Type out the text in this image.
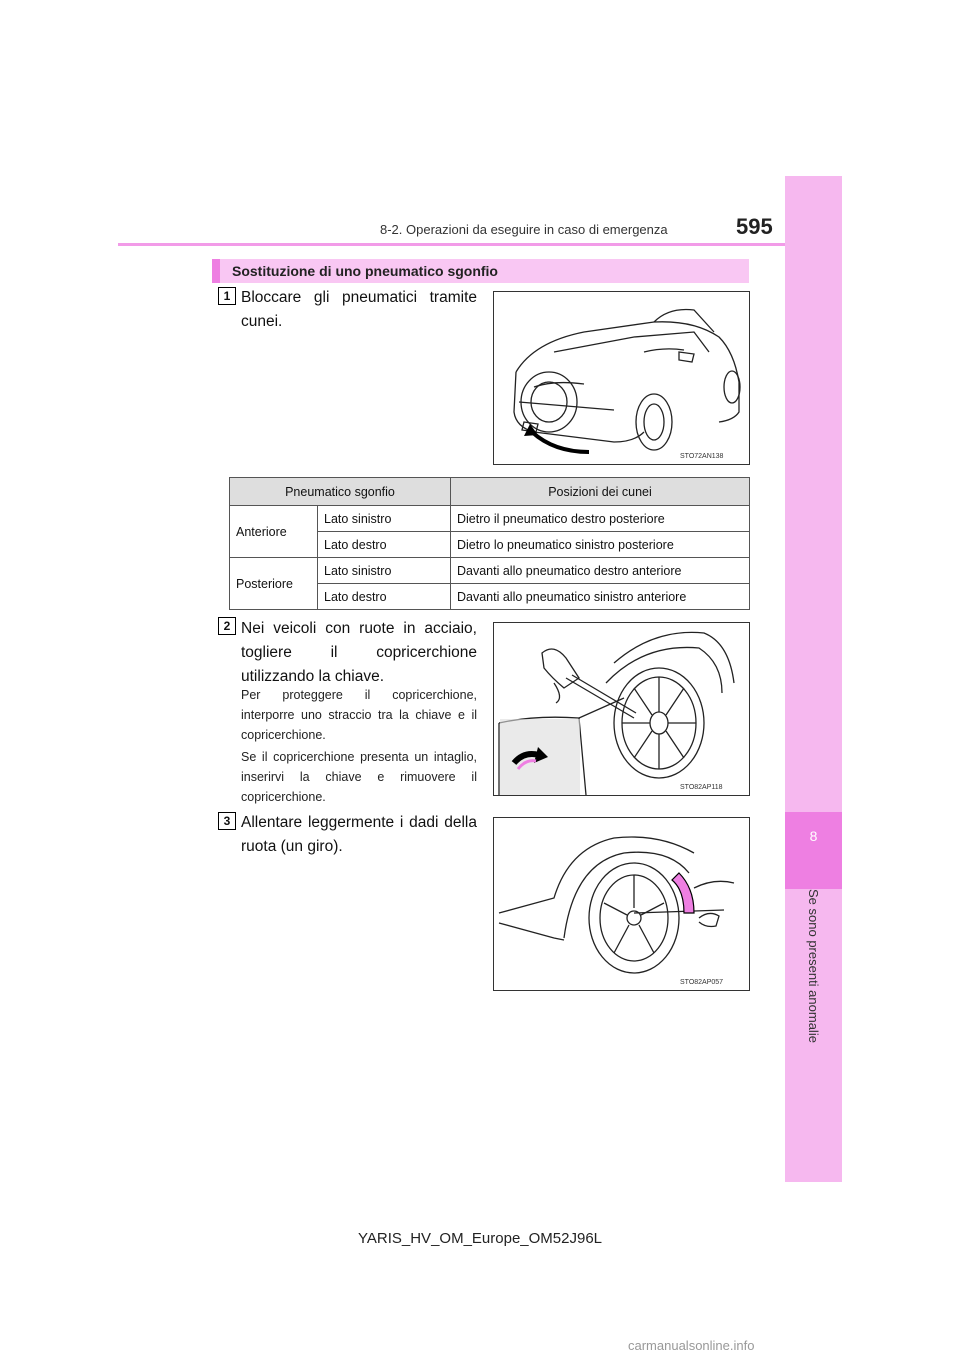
8
Se sono presenti anomalie
8-2. Operazioni da eseguire in caso di emergenza	595
Sostituzione di uno pneumatico sgonfio
1 Bloccare gli pneumatici tramite cunei.
STO72AN138
Pneumatico sgonfio		Posizioni dei cunei
Anteriore	Lato sinistro	Dietro il pneumatico destro posteriore
	Lato destro	Dietro lo pneumatico sinistro posteriore
Posteriore	Lato sinistro	Davanti allo pneumatico destro anteriore
	Lato destro	Davanti allo pneumatico sinistro anteriore
2 Nei veicoli con ruote in acciaio, togliere il copricerchione utilizzando la chiave.
Per proteggere il copricerchione, interporre uno straccio tra la chiave e il copricerchione.
Se il copricerchione presenta un intaglio, inserirvi la chiave e rimuovere il copricerchione.
STO82AP118
3 Allentare leggermente i dadi della ruota (un giro).
STO82AP057
YARIS_HV_OM_Europe_OM52J96L
carmanualsonline.info
